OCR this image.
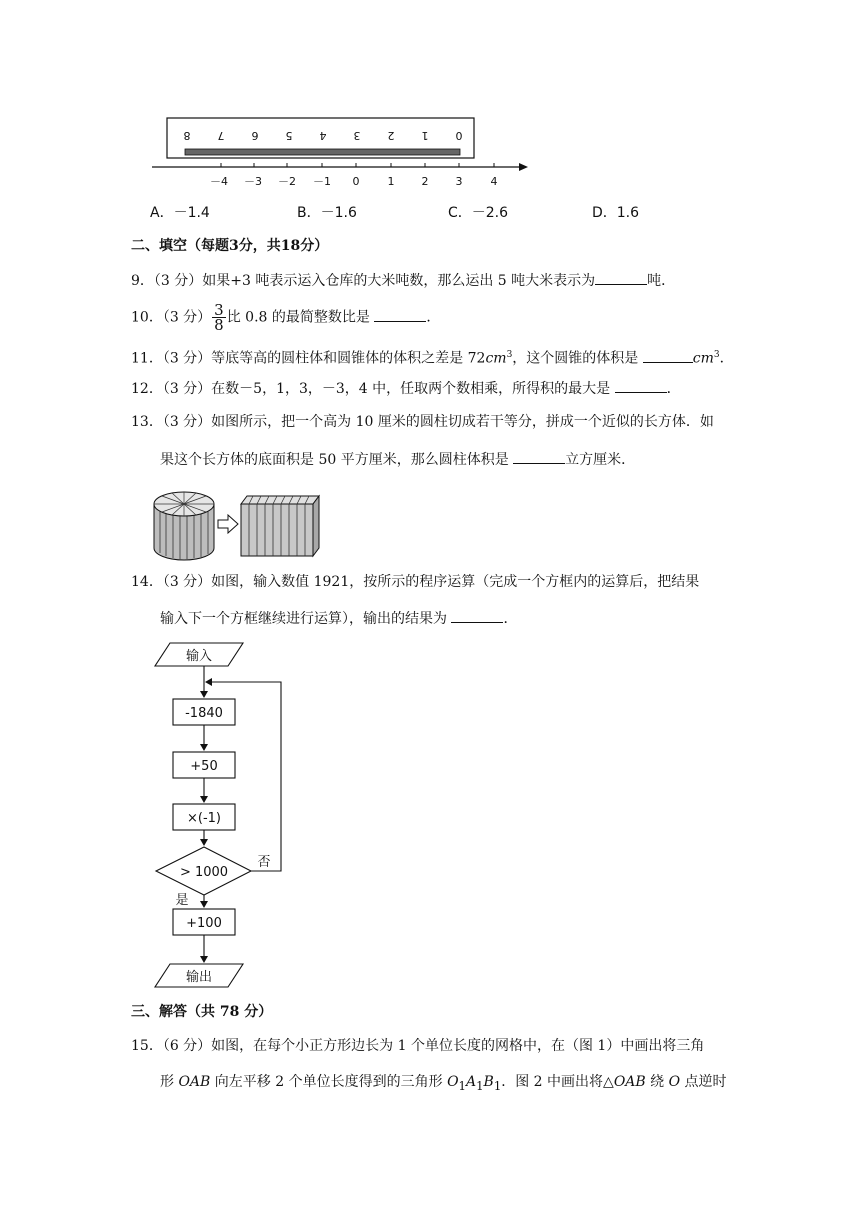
8 7 6 5 4 3 2 1 0
－4 －3 －2 －1 0	1 2 3	4
A．－1.4	B．－1.6	C．－2.6	D．1.6
二、填空（每题3分，共18分）
9．（3 分）如果+3 吨表示运入仓库的大米吨数，那么运出 5 吨大米表示为	吨．
10．（3 分） $\frac{3}{8}$ 比 0.8 的最简整数比是	．
11．（3 分）等底等高的圆柱体和圆锥体的体积之差是 $72cm^3$，这个圆锥的体积是	$cm^3$．
12．（3 分）在数－5，1，3，－3，4 中，任取两个数相乘，所得积的最大是	．
13．（3 分）如图所示，把一个高为 10 厘米的圆柱切成若干等分，拼成一个近似的长方体．如
果这个长方体的底面积是 50 平方厘米，那么圆柱体积是	立方厘米．
14．（3 分）如图，输入数值 1921，按所示的程序运算（完成一个方框内的运算后，把结果
输入下一个方框继续进行运算），输出的结果为	．
输入
-1840
+50
×(-1)
> 1000
否
是
+100
输出
三、解答（共 78 分）
15．（6 分）如图，在每个小正方形边长为 1 个单位长度的网格中，在（图 1）中画出将三角
形 OAB 向左平移 2 个单位长度得到的三角形 $O_1A_1B_1$．图 2 中画出将△OAB 绕 O 点逆时
